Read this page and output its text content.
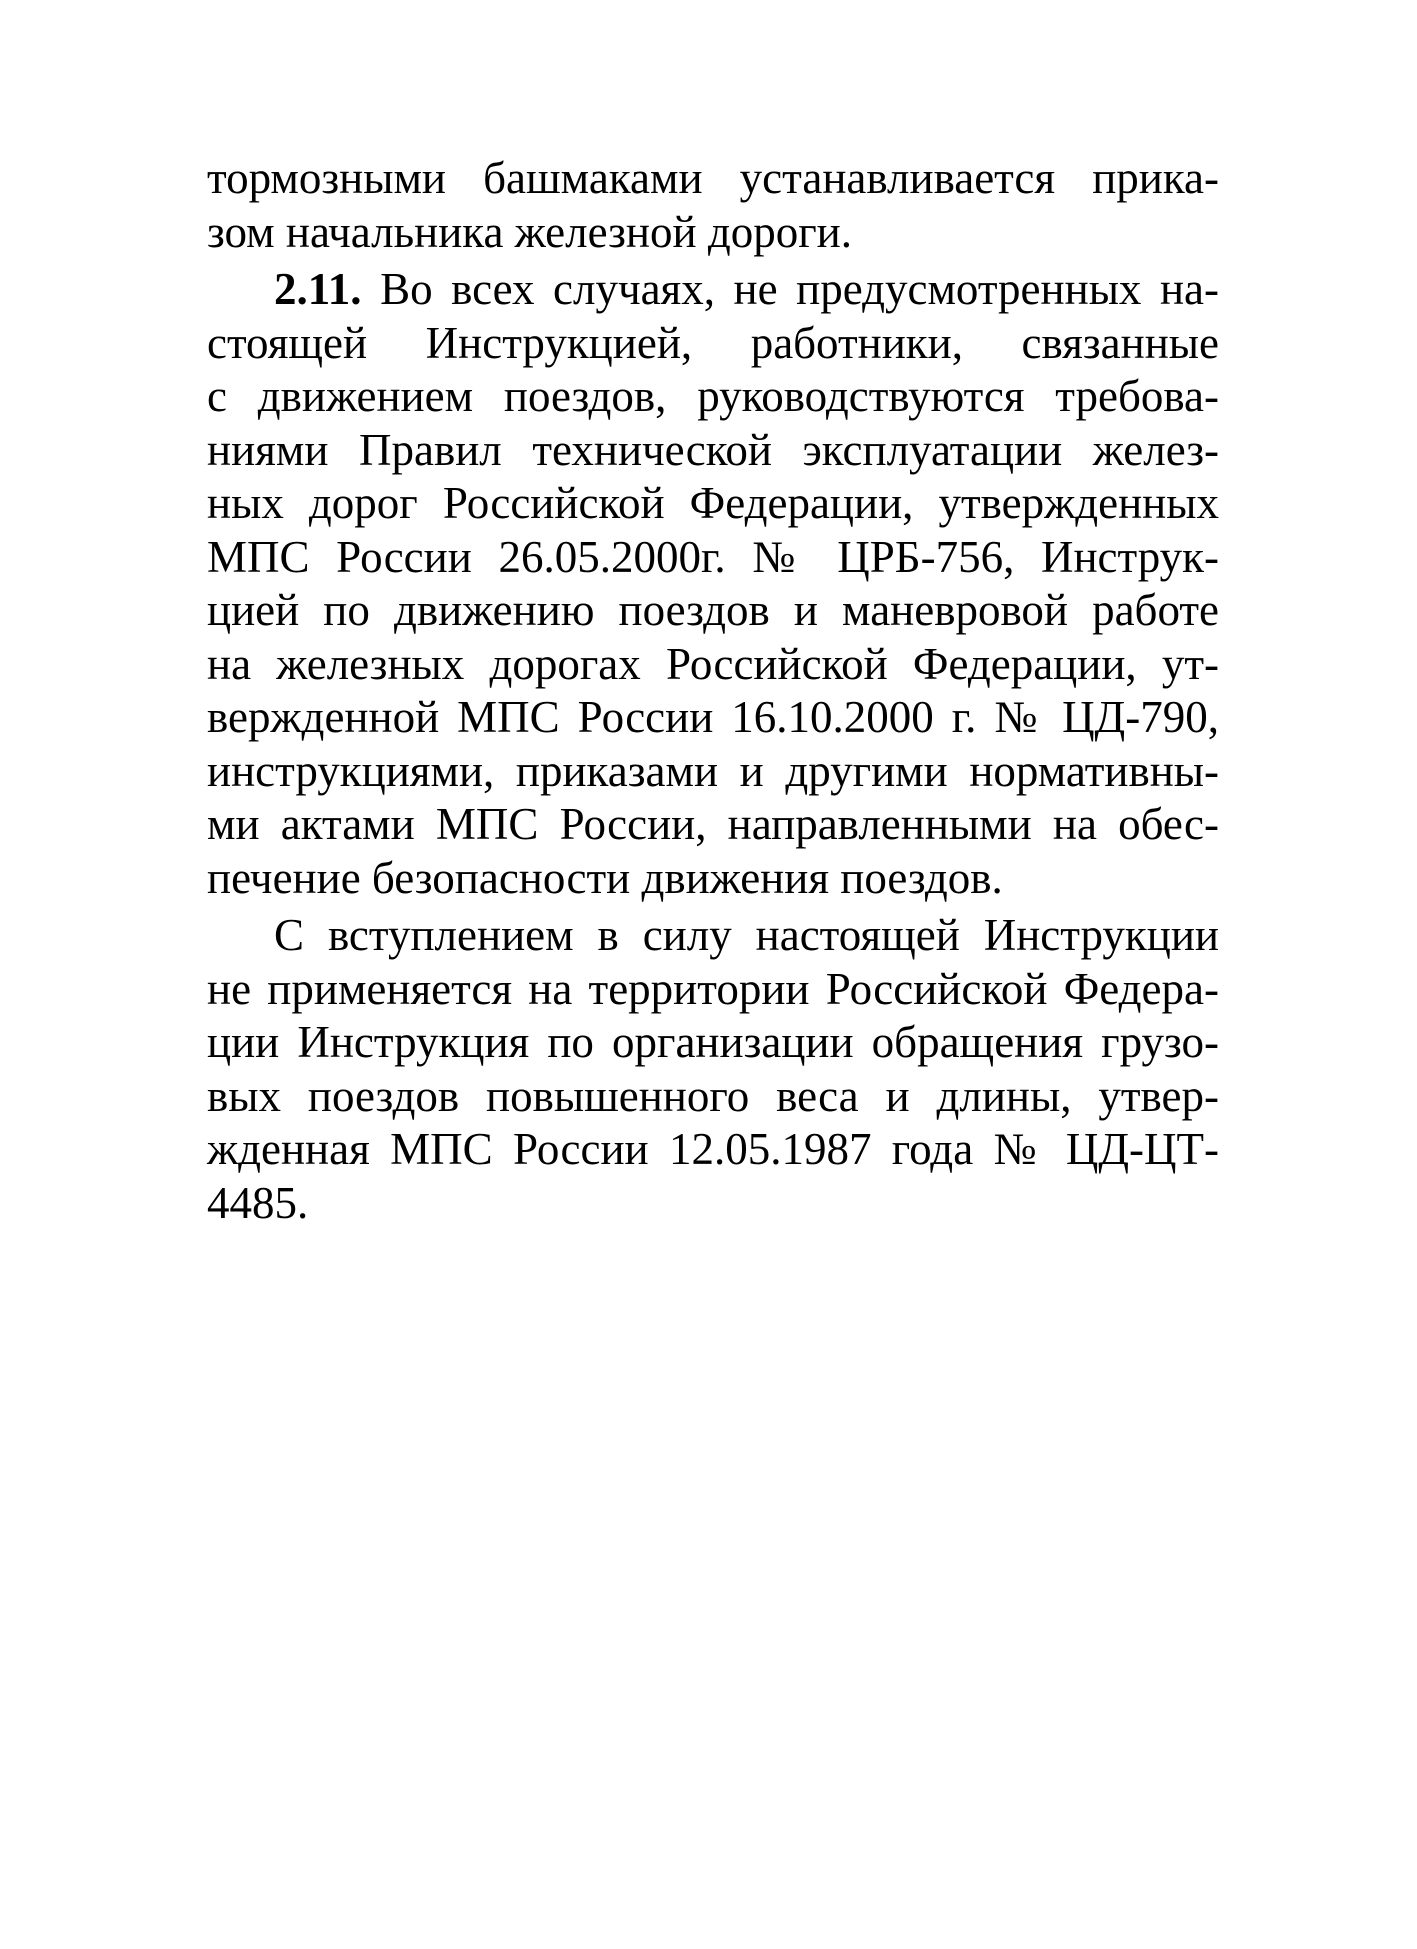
тормозными башмаками устанавливается прика-
зом начальника железной дороги.
2.11. Во всех случаях, не предусмотренных на-
стоящей Инструкцией, работники, связанные
с движением поездов, руководствуются требова-
ниями Правил технической эксплуатации желез-
ных дорог Российской Федерации, утвержденных
МПС России 26.05.2000г. № ЦРБ-756, Инструк-
цией по движению поездов и маневровой работе
на железных дорогах Российской Федерации, ут-
вержденной МПС России 16.10.2000 г. № ЦД-790,
инструкциями, приказами и другими нормативны-
ми актами МПС России, направленными на обес-
печение безопасности движения поездов.
С вступлением в силу настоящей Инструкции
не применяется на территории Российской Федера-
ции Инструкция по организации обращения грузо-
вых поездов повышенного веса и длины, утвер-
жденная МПС России 12.05.1987 года № ЦД-ЦТ-
4485.
